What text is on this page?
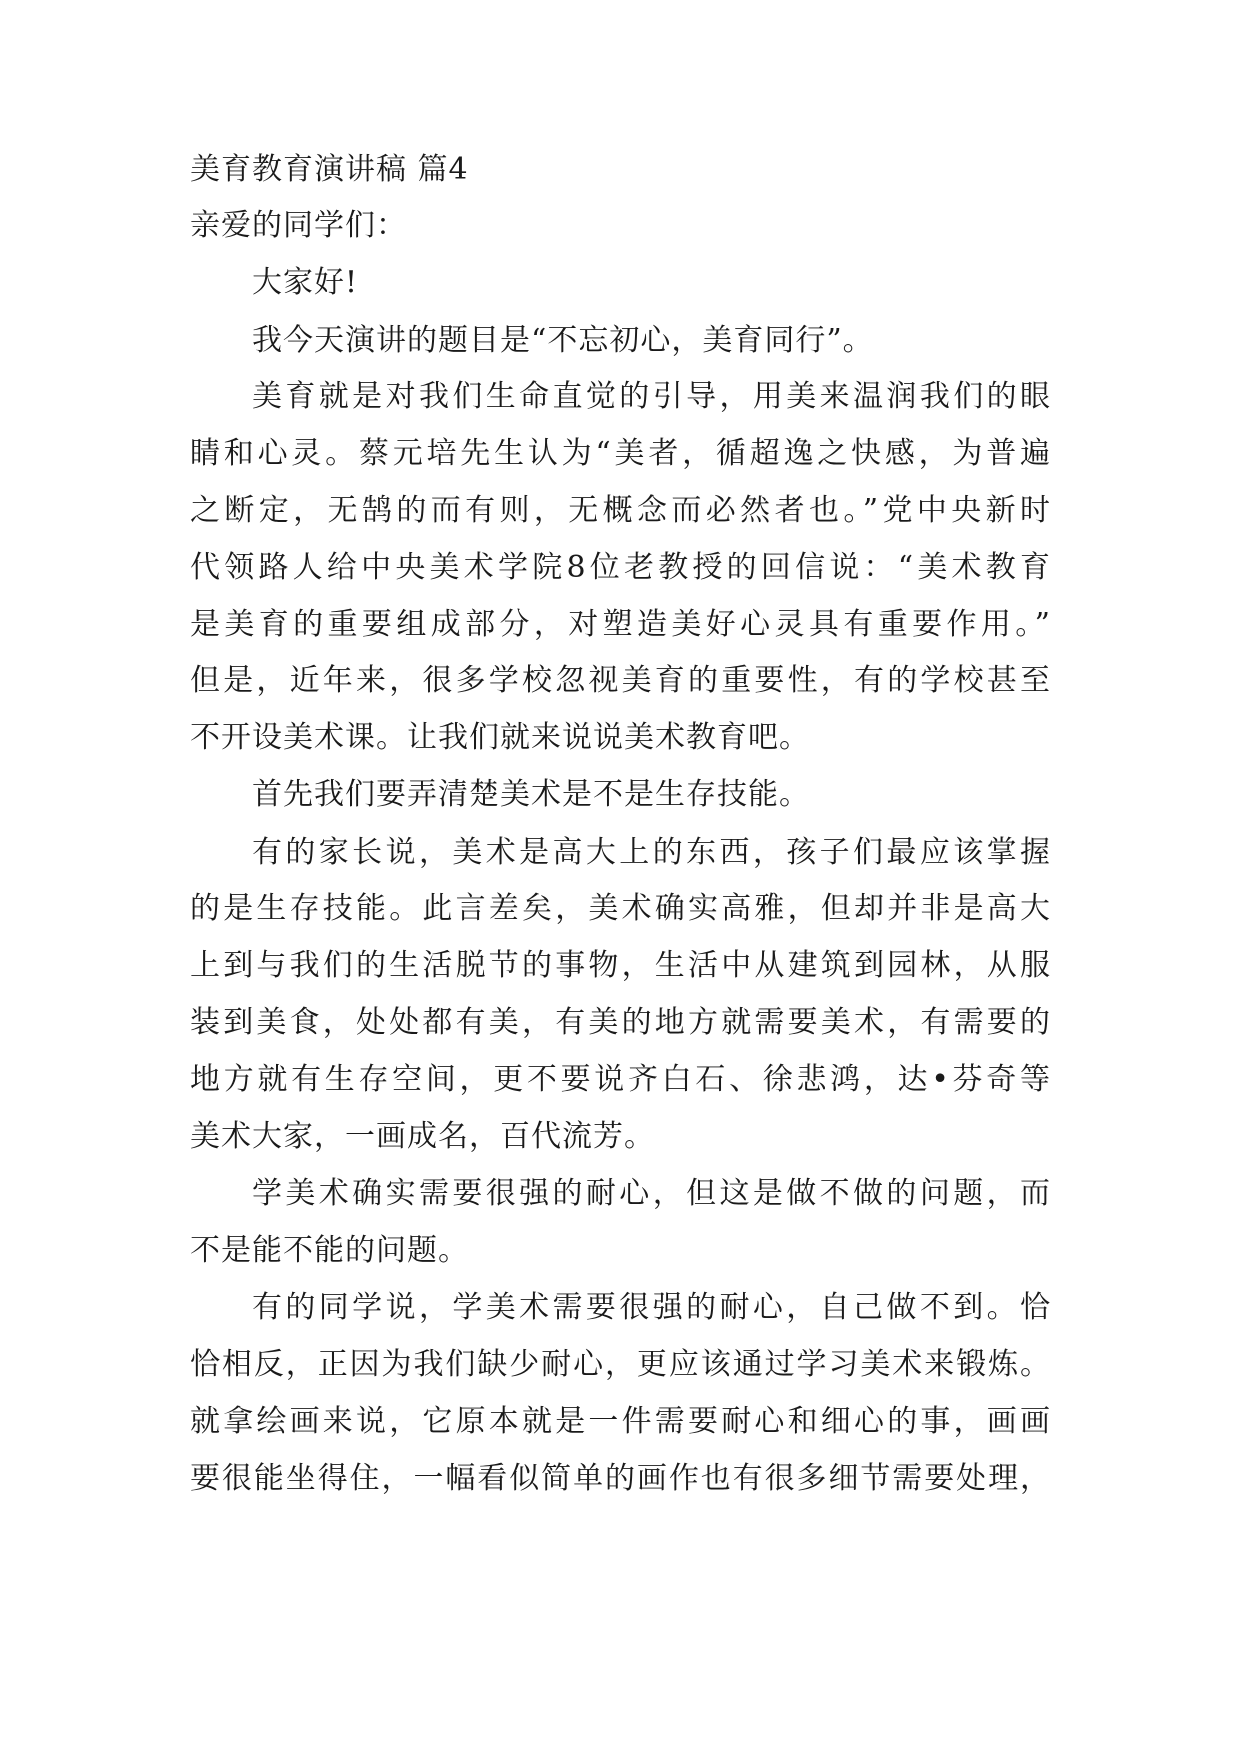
美育教育演讲稿 篇4
亲爱的同学们：
大家好!
我今天演讲的题目是“不忘初心，美育同行”。
美育就是对我们生命直觉的引导，用美来温润我们的眼
睛和心灵。蔡元培先生认为“美者，循超逸之快感，为普遍
之断定，无鹄的而有则，无概念而必然者也。”党中央新时
代领路人给中央美术学院8位老教授的回信说：“美术教育
是美育的重要组成部分，对塑造美好心灵具有重要作用。”
但是，近年来，很多学校忽视美育的重要性，有的学校甚至
不开设美术课。让我们就来说说美术教育吧。
首先我们要弄清楚美术是不是生存技能。
有的家长说，美术是高大上的东西，孩子们最应该掌握
的是生存技能。此言差矣，美术确实高雅，但却并非是高大
上到与我们的生活脱节的事物，生活中从建筑到园林，从服
装到美食，处处都有美，有美的地方就需要美术，有需要的
地方就有生存空间，更不要说齐白石、徐悲鸿，达•芬奇等
美术大家，一画成名，百代流芳。
学美术确实需要很强的耐心，但这是做不做的问题，而
不是能不能的问题。
有的同学说，学美术需要很强的耐心，自己做不到。恰
恰相反，正因为我们缺少耐心，更应该通过学习美术来锻炼。
就拿绘画来说，它原本就是一件需要耐心和细心的事，画画
要很能坐得住，一幅看似简单的画作也有很多细节需要处理，
